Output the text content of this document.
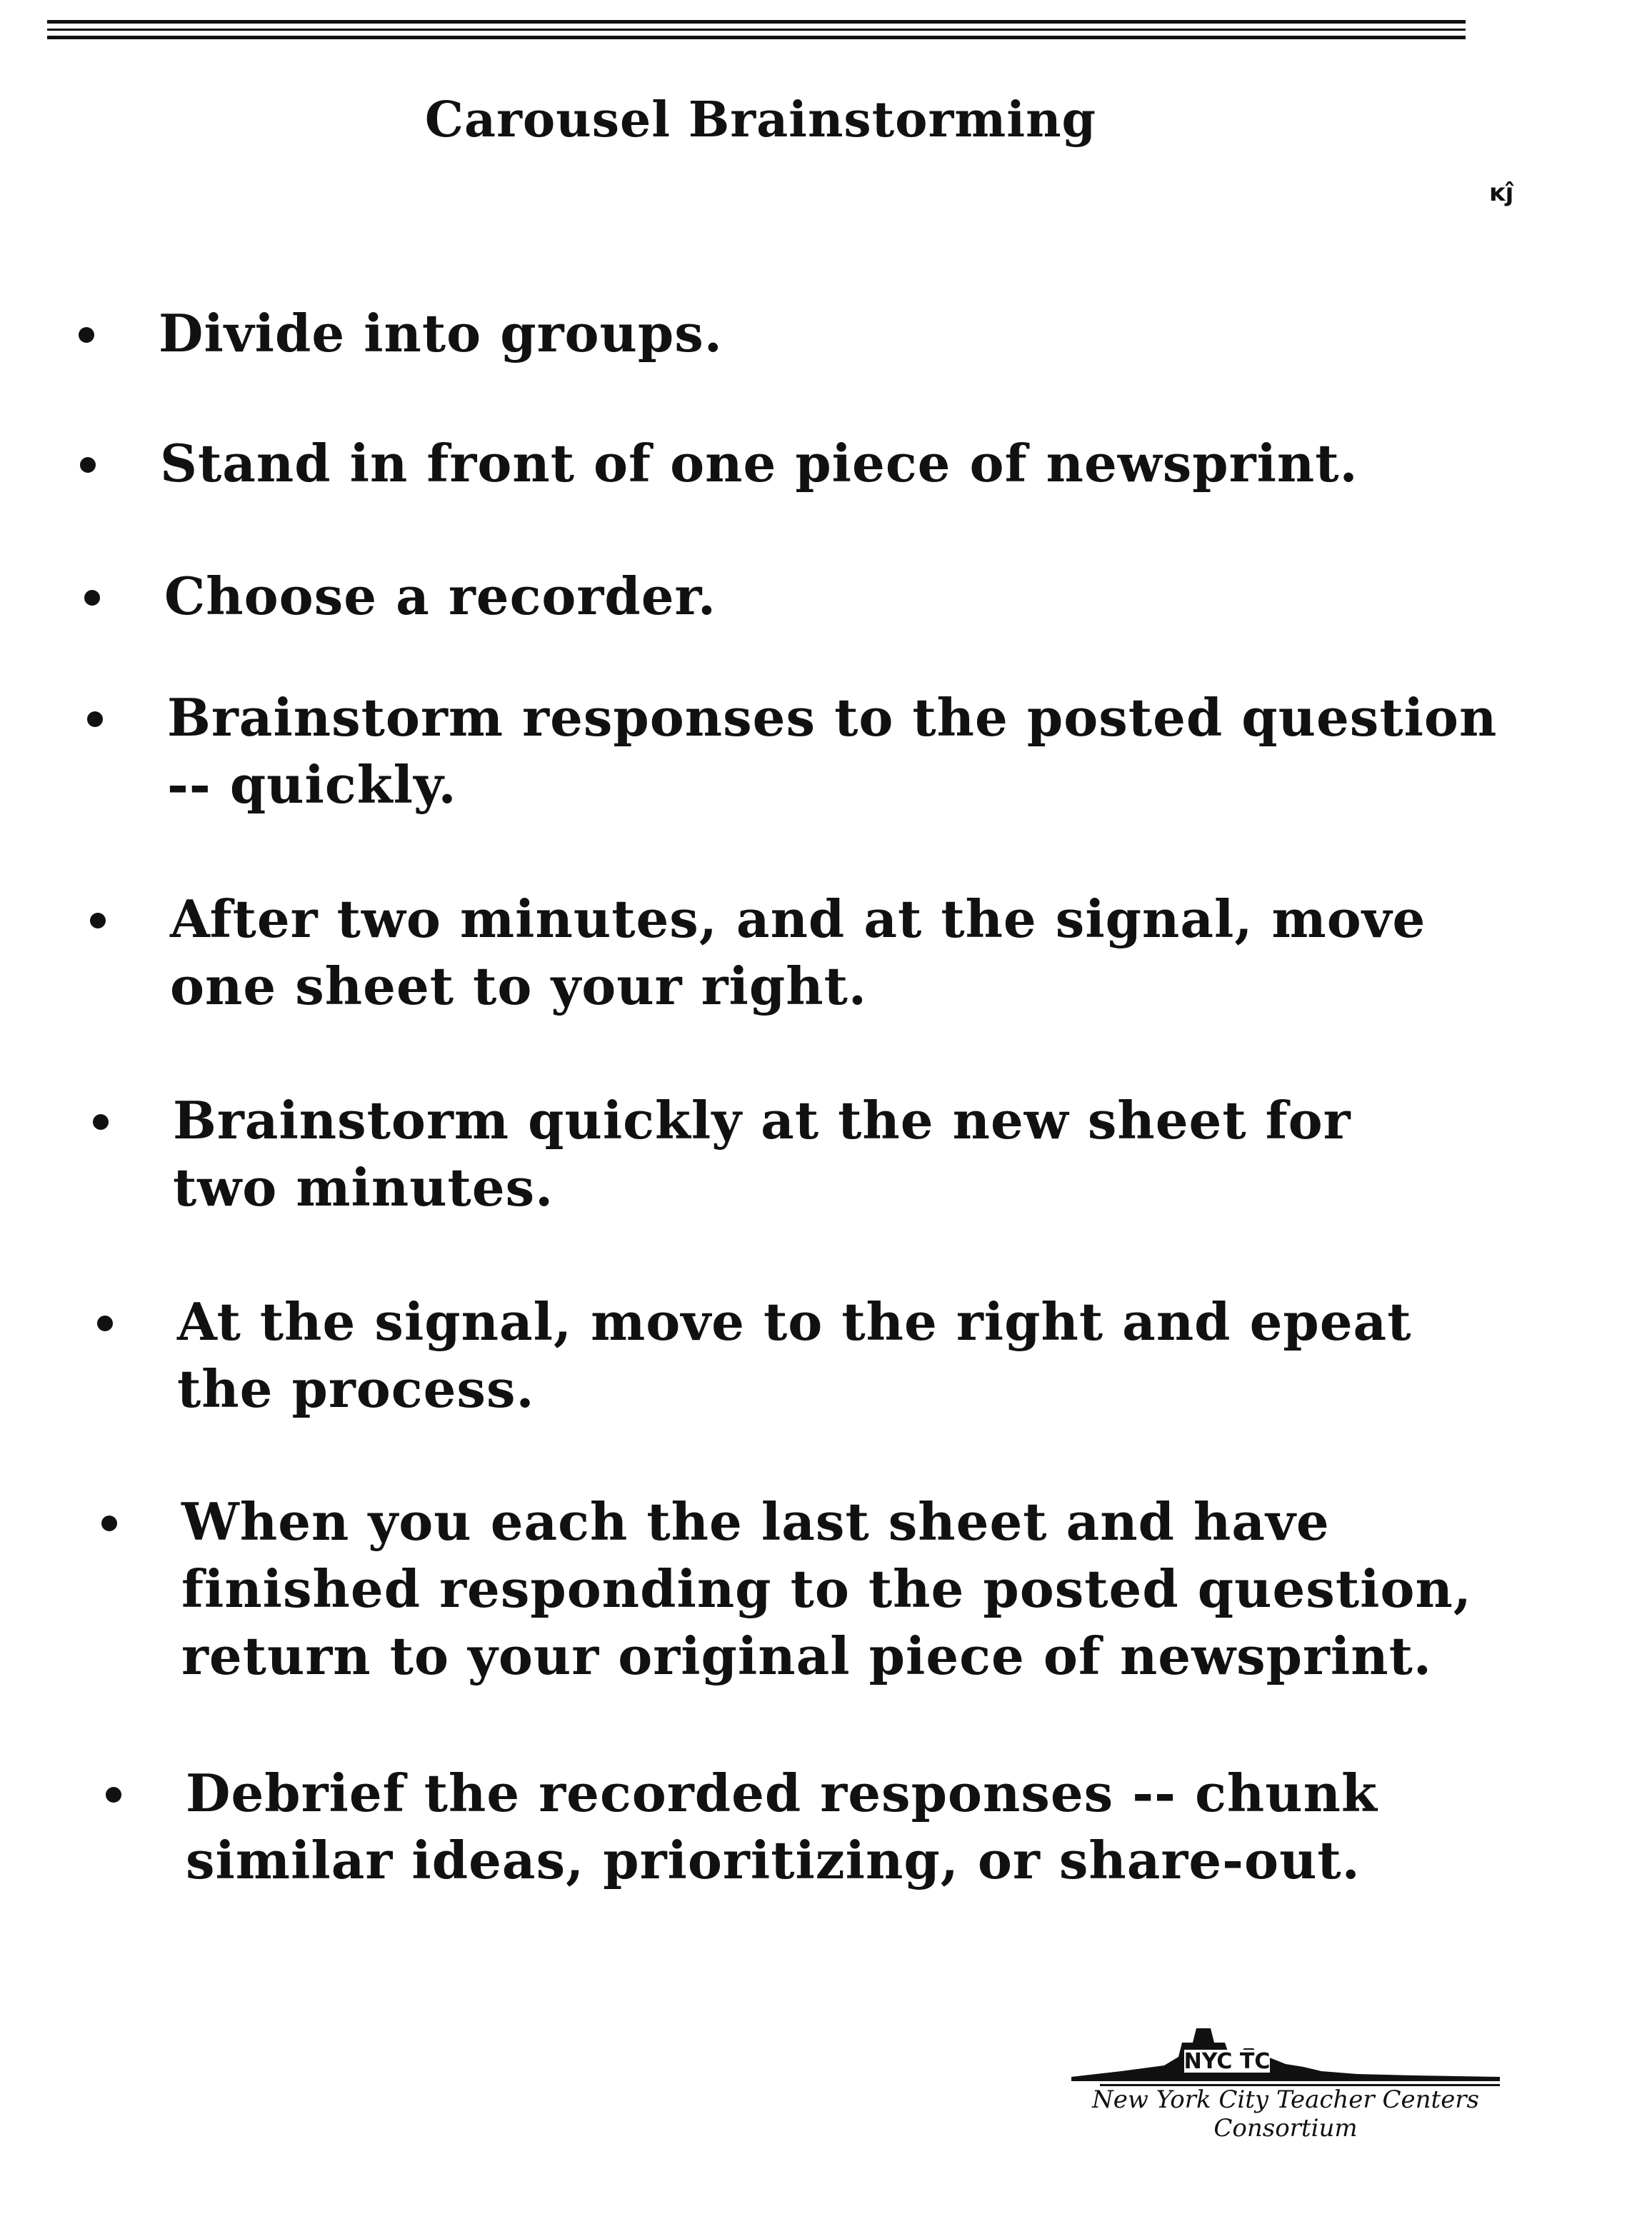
Carousel Brainstorming
ĸĵ
Divide into groups.
Stand in front of one piece of newsprint.
Choose a recorder.
Brainstorm responses to the posted question
-- quickly.
After two minutes, and at the signal, move
one sheet to your right.
Brainstorm quickly at the new sheet for
two minutes.
At the signal, move to the right and epeat
the process.
When you each the last sheet and have
finished responding to the posted question,
return to your original piece of newsprint.
Debrief the recorded responses -- chunk
similar ideas, prioritizing, or share-out.
NYC TC

New York City Teacher Centers Consortium
